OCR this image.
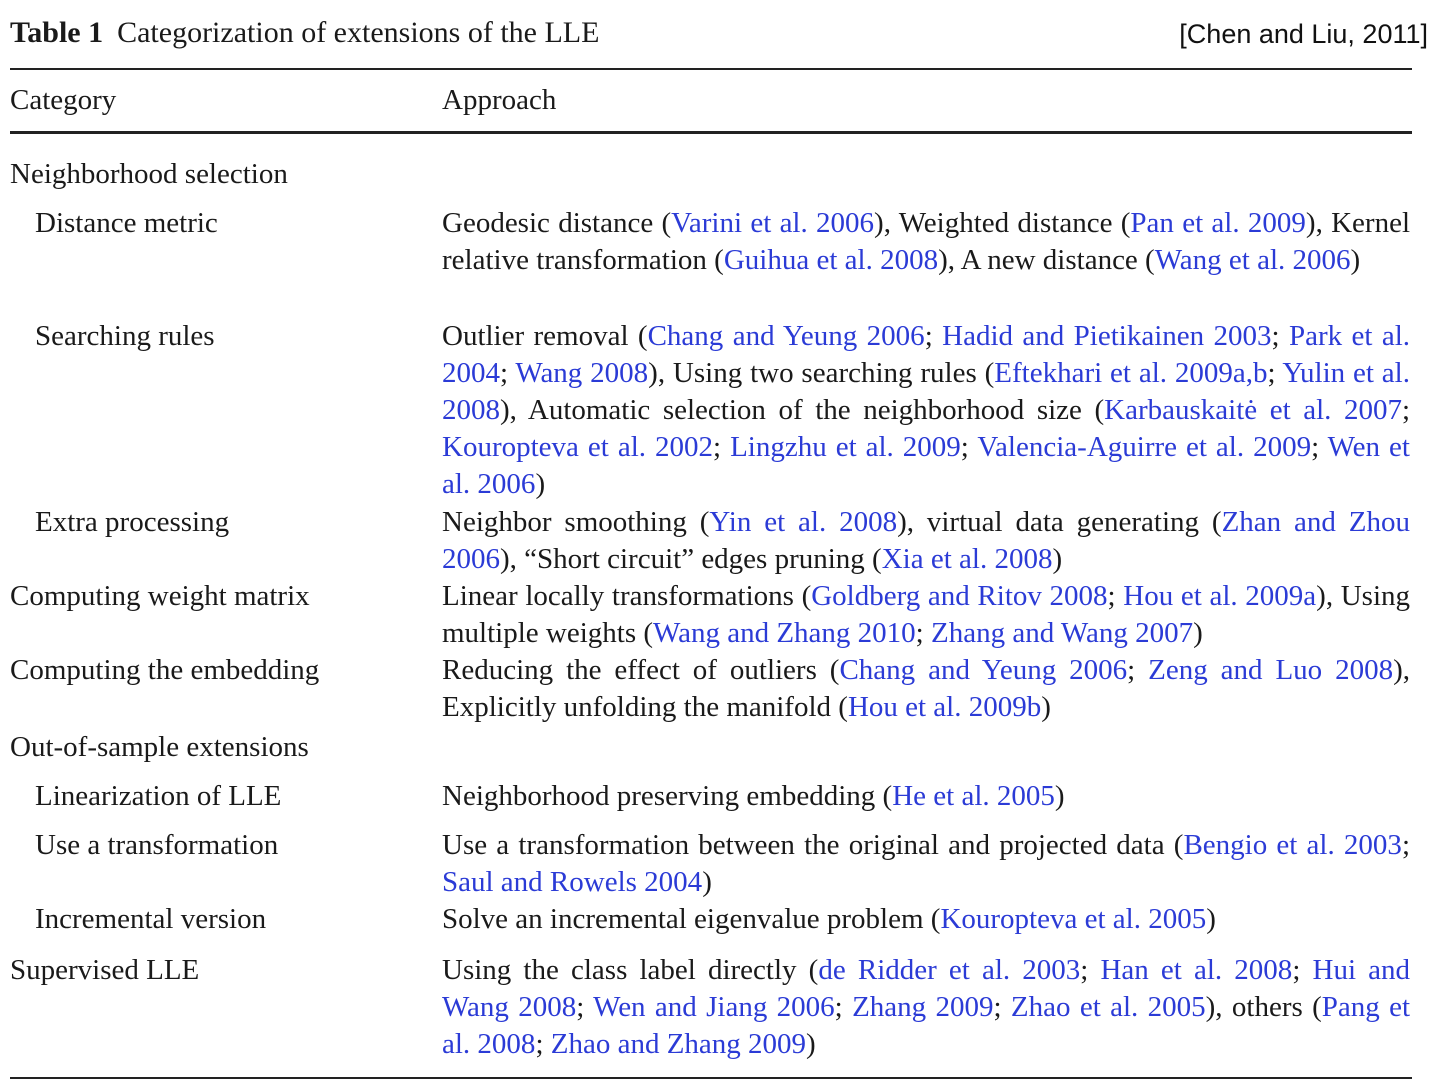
Table 1 Categorization of extensions of the LLE	[Chen and Liu, 2011]
Category	Approach
Neighborhood selection
Distance metric	Geodesic distance (Varini et al. 2006), Weighted distance (Pan et al. 2009), Kernel relative transformation (Guihua et al. 2008), A new distance (Wang et al. 2006)
Searching rules	Outlier removal (Chang and Yeung 2006; Hadid and Pietikainen 2003; Park et al. 2004; Wang 2008), Using two searching rules (Eftekhari et al. 2009a,b; Yulin et al. 2008), Automatic selection of the neighborhood size (Karbauskaitė et al. 2007; Kouropteva et al. 2002; Lingzhu et al. 2009; Valencia-Aguirre et al. 2009; Wen et al. 2006)
Extra processing	Neighbor smoothing (Yin et al. 2008), virtual data generating (Zhan and Zhou 2006), “Short circuit” edges pruning (Xia et al. 2008)
Computing weight matrix	Linear locally transformations (Goldberg and Ritov 2008; Hou et al. 2009a), Using multiple weights (Wang and Zhang 2010; Zhang and Wang 2007)
Computing the embedding	Reducing the effect of outliers (Chang and Yeung 2006; Zeng and Luo 2008), Explicitly unfolding the manifold (Hou et al. 2009b)
Out-of-sample extensions
Linearization of LLE	Neighborhood preserving embedding (He et al. 2005)
Use a transformation	Use a transformation between the original and projected data (Bengio et al. 2003; Saul and Rowels 2004)
Incremental version	Solve an incremental eigenvalue problem (Kouropteva et al. 2005)
Supervised LLE	Using the class label directly (de Ridder et al. 2003; Han et al. 2008; Hui and Wang 2008; Wen and Jiang 2006; Zhang 2009; Zhao et al. 2005), others (Pang et al. 2008; Zhao and Zhang 2009)
